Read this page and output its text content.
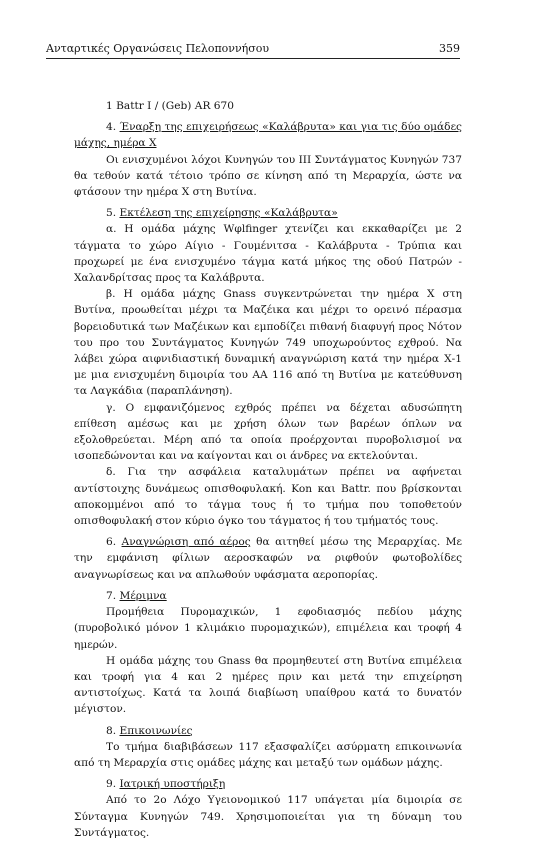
Ανταρτικές Οργανώσεις Πελοποννήσου	359

1 Battr I / (Geb) AR 670

4. Έναρξη της επιχειρήσεως «Καλάβρυτα» και για τις δύο ομάδες μάχης, ημέρα Χ

Οι ενισχυμένοι λόχοι Κυνηγών του ΙΙΙ Συντάγματος Κυνηγών 737 θα τεθούν κατά τέτοιο τρόπο σε κίνηση από τη Μεραρχία, ώστε να φτάσουν την ημέρα Χ στη Βυτίνα.

5. Εκτέλεση της επιχείρησης «Καλάβρυτα»

α. Η ομάδα μάχης Wφlfinger χτενίζει και εκκαθαρίζει με 2 τάγματα το χώρο Αίγιο - Γουμένιτσα - Καλάβρυτα - Τρύπια και προχωρεί με ένα ενισχυμένο τάγμα κατά μήκος της οδού Πατρών - Χαλανδρίτσας προς τα Καλάβρυτα.

β. Η ομάδα μάχης Gnass συγκεντρώνεται την ημέρα Χ στη Βυτίνα, προωθείται μέχρι τα Μαζέικα και μέχρι το ορεινό πέρασμα βορειοδυτικά των Μαζέικων και εμποδίζει πιθανή διαφυγή προς Νότον του προ του Συντάγματος Κυνηγών 749 υποχωρούντος εχθρού. Να λάβει χώρα αιφνιδιαστική δυναμική αναγνώριση κατά την ημέρα Χ-1 με μια ενισχυμένη διμοιρία του ΑΑ 116 από τη Βυτίνα με κατεύθυνση τα Λαγκάδια (παραπλάνηση).

γ. Ο εμφανιζόμενος εχθρός πρέπει να δέχεται αδυσώπητη επίθεση αμέσως και με χρήση όλων των βαρέων όπλων να εξολοθρεύεται. Μέρη από τα οποία προέρχονται πυροβολισμοί να ισοπεδώνονται και να καίγονται και οι άνδρες να εκτελούνται.

δ. Για την ασφάλεια καταλυμάτων πρέπει να αφήνεται αντίστοιχης δυνάμεως οπισθοφυλακή. Kon και Battr. που βρίσκονται αποκομμένοι από το τάγμα τους ή το τμήμα που τοποθετούν οπισθοφυλακή στον κύριο όγκο του τάγματος ή του τμήματός τους.

6. Αναγνώριση από αέρος θα αιτηθεί μέσω της Μεραρχίας. Με την εμφάνιση φίλιων αεροσκαφών να ριφθούν φωτοβολίδες αναγνωρίσεως και να απλωθούν υφάσματα αεροπορίας.

7. Μέριμνα

Προμήθεια Πυρομαχικών, 1 εφοδιασμός πεδίου μάχης (πυροβολικό μόνον 1 κλιμάκιο πυρομαχικών), επιμέλεια και τροφή 4 ημερών.

Η ομάδα μάχης του Gnass θα προμηθευτεί στη Βυτίνα επιμέλεια και τροφή για 4 και 2 ημέρες πριν και μετά την επιχείρηση αντιστοίχως. Κατά τα λοιπά διαβίωση υπαίθρου κατά το δυνατόν μέγιστον.

8. Επικοινωνίες

Το τμήμα διαβιβάσεων 117 εξασφαλίζει ασύρματη επικοινωνία από τη Μεραρχία στις ομάδες μάχης και μεταξύ των ομάδων μάχης.

9. Ιατρική υποστήριξη

Από το 2ο Λόχο Υγειονομικού 117 υπάγεται μία διμοιρία σε Σύνταγμα Κυνηγών 749. Χρησιμοποιείται για τη δύναμη του Συντάγματος.
